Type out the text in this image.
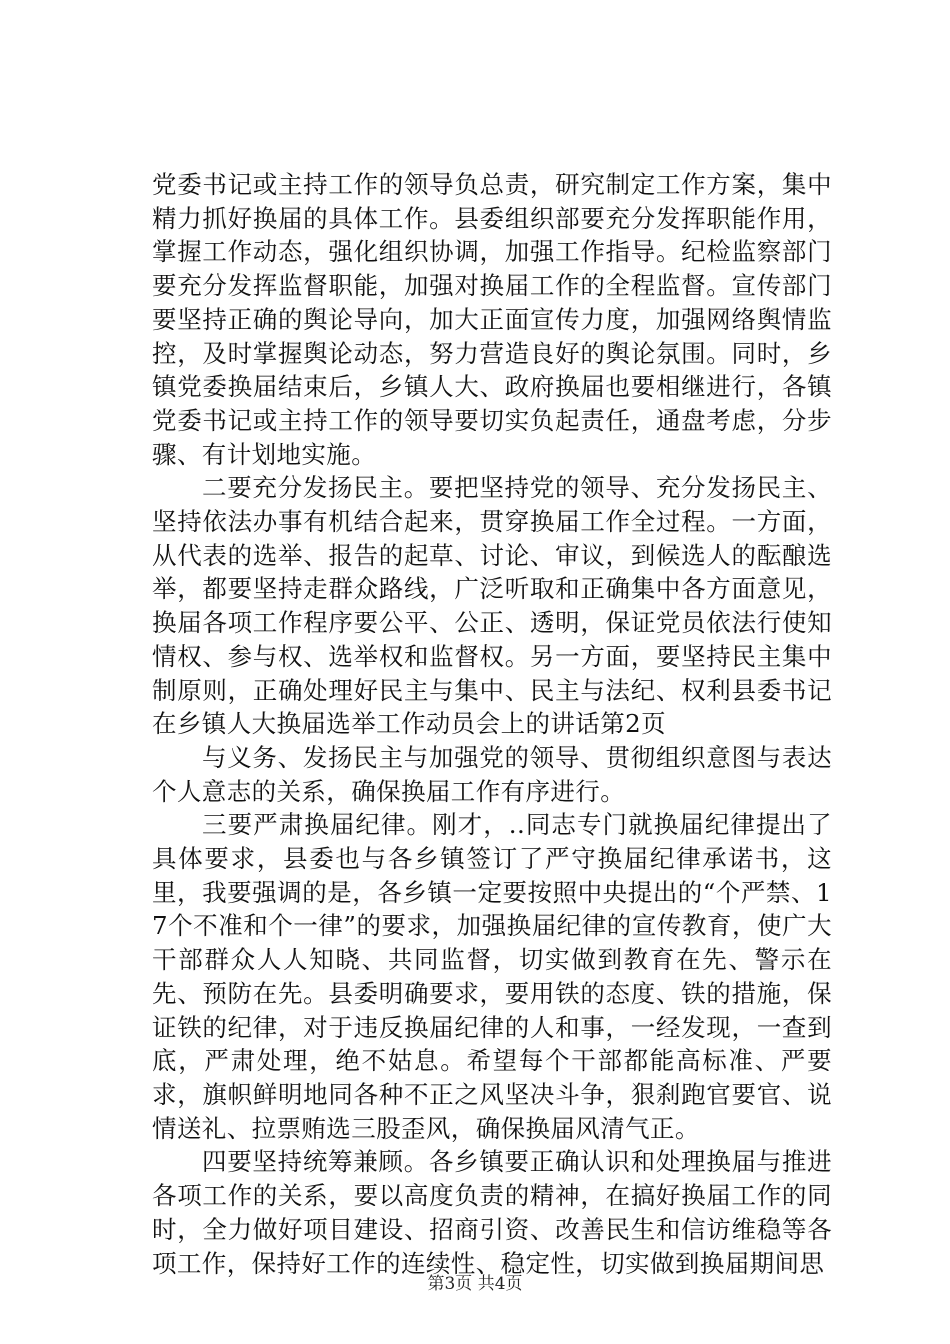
党委书记或主持工作的领导负总责，研究制定工作方案，集中精力抓好换届的具体工作。县委组织部要充分发挥职能作用，掌握工作动态，强化组织协调，加强工作指导。纪检监察部门要充分发挥监督职能，加强对换届工作的全程监督。宣传部门要坚持正确的舆论导向，加大正面宣传力度，加强网络舆情监控，及时掌握舆论动态，努力营造良好的舆论氛围。同时，乡镇党委换届结束后，乡镇人大、政府换届也要相继进行，各镇党委书记或主持工作的领导要切实负起责任，通盘考虑，分步骤、有计划地实施。

二要充分发扬民主。要把坚持党的领导、充分发扬民主、坚持依法办事有机结合起来，贯穿换届工作全过程。一方面，从代表的选举、报告的起草、讨论、审议，到候选人的酝酿选举，都要坚持走群众路线，广泛听取和正确集中各方面意见，换届各项工作程序要公平、公正、透明，保证党员依法行使知情权、参与权、选举权和监督权。另一方面，要坚持民主集中制原则，正确处理好民主与集中、民主与法纪、权利县委书记在乡镇人大换届选举工作动员会上的讲话第2页

与义务、发扬民主与加强党的领导、贯彻组织意图与表达个人意志的关系，确保换届工作有序进行。

三要严肃换届纪律。刚才，..同志专门就换届纪律提出了具体要求，县委也与各乡镇签订了严守换届纪律承诺书，这里，我要强调的是，各乡镇一定要按照中央提出的“个严禁、17个不准和个一律”的要求，加强换届纪律的宣传教育，使广大干部群众人人知晓、共同监督，切实做到教育在先、警示在先、预防在先。县委明确要求，要用铁的态度、铁的措施，保证铁的纪律，对于违反换届纪律的人和事，一经发现，一查到底，严肃处理，绝不姑息。希望每个干部都能高标准、严要求，旗帜鲜明地同各种不正之风坚决斗争，狠刹跑官要官、说情送礼、拉票贿选三股歪风，确保换届风清气正。

四要坚持统筹兼顾。各乡镇要正确认识和处理换届与推进各项工作的关系，要以高度负责的精神，在搞好换届工作的同时，全力做好项目建设、招商引资、改善民生和信访维稳等各项工作，保持好工作的连续性、稳定性，切实做到换届期间思

第3页 共4页
